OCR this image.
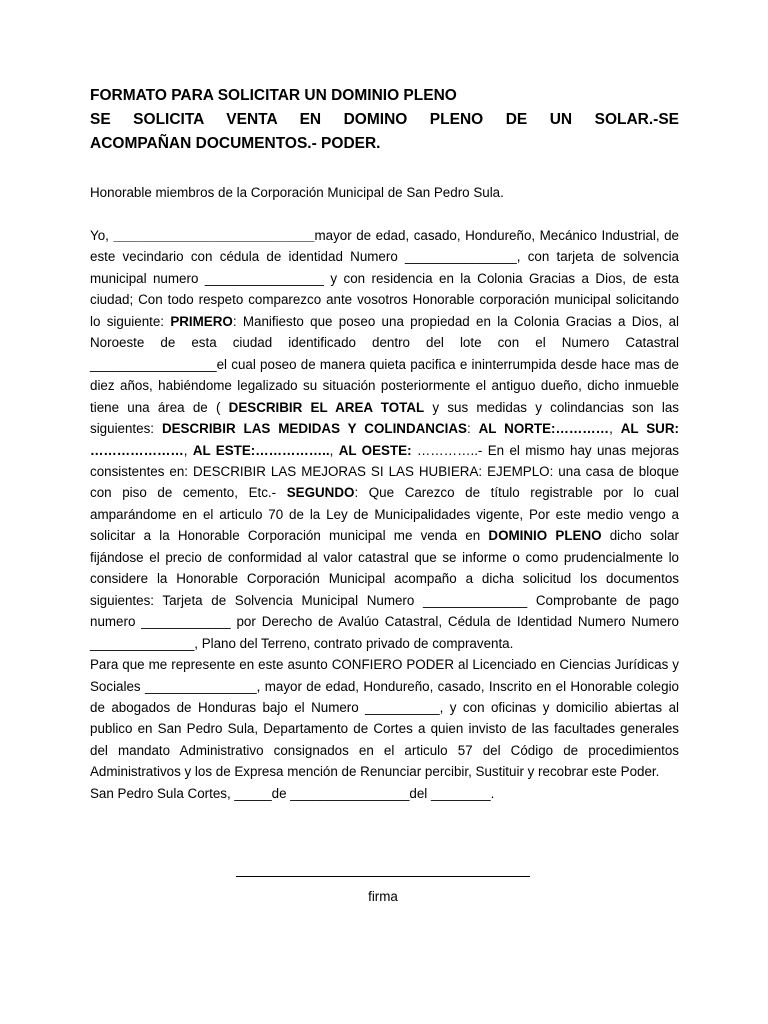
FORMATO PARA SOLICITAR UN DOMINIO PLENO

SE SOLICITA VENTA EN DOMINO PLENO DE UN SOLAR.-SE

ACOMPAÑAN DOCUMENTOS.- PODER.

Honorable miembros de la Corporación Municipal de San Pedro Sula.

Yo, ___________________________mayor de edad, casado, Hondureño, Mecánico Industrial, de este vecindario con cédula de identidad Numero _______________, con tarjeta de solvencia municipal numero ________________ y con residencia en la Colonia Gracias a Dios, de esta ciudad; Con todo respeto comparezco ante vosotros Honorable corporación municipal solicitando lo siguiente: PRIMERO: Manifiesto que poseo una propiedad en la Colonia Gracias a Dios, al Noroeste de esta ciudad identificado dentro del lote con el Numero Catastral _________________el cual poseo de manera quieta pacifica e ininterrumpida desde hace mas de diez años, habiéndome legalizado su situación posteriormente el antiguo dueño, dicho inmueble tiene una área de ( DESCRIBIR EL AREA TOTAL y sus medidas y colindancias son las siguientes: DESCRIBIR LAS MEDIDAS Y COLINDANCIAS: AL NORTE:…………, AL SUR: …………………, AL ESTE:…………….., AL OESTE: …………..- En el mismo hay unas mejoras consistentes en: DESCRIBIR LAS MEJORAS SI LAS HUBIERA: EJEMPLO: una casa de bloque con piso de cemento, Etc.- SEGUNDO: Que Carezco de título registrable por lo cual amparándome en el articulo 70 de la Ley de Municipalidades vigente, Por este medio vengo a solicitar a la Honorable Corporación municipal me venda en DOMINIO PLENO dicho solar fijándose el precio de conformidad al valor catastral que se informe o como prudencialmente lo considere la Honorable Corporación Municipal acompaño a dicha solicitud los documentos siguientes: Tarjeta de Solvencia Municipal Numero ______________ Comprobante de pago numero ____________ por Derecho de Avalúo Catastral, Cédula de Identidad Numero Numero ______________, Plano del Terreno, contrato privado de compraventa.

Para que me represente en este asunto CONFIERO PODER al Licenciado en Ciencias Jurídicas y Sociales _______________, mayor de edad, Hondureño, casado, Inscrito en el Honorable colegio de abogados de Honduras bajo el Numero __________, y con oficinas y domicilio abiertas al publico en San Pedro Sula, Departamento de Cortes a quien invisto de las facultades generales del mandato Administrativo consignados en el articulo 57 del Código de procedimientos Administrativos y los de Expresa mención de Renunciar percibir, Sustituir y recobrar este Poder.

San Pedro Sula Cortes, _____de ________________del ________.

firma
